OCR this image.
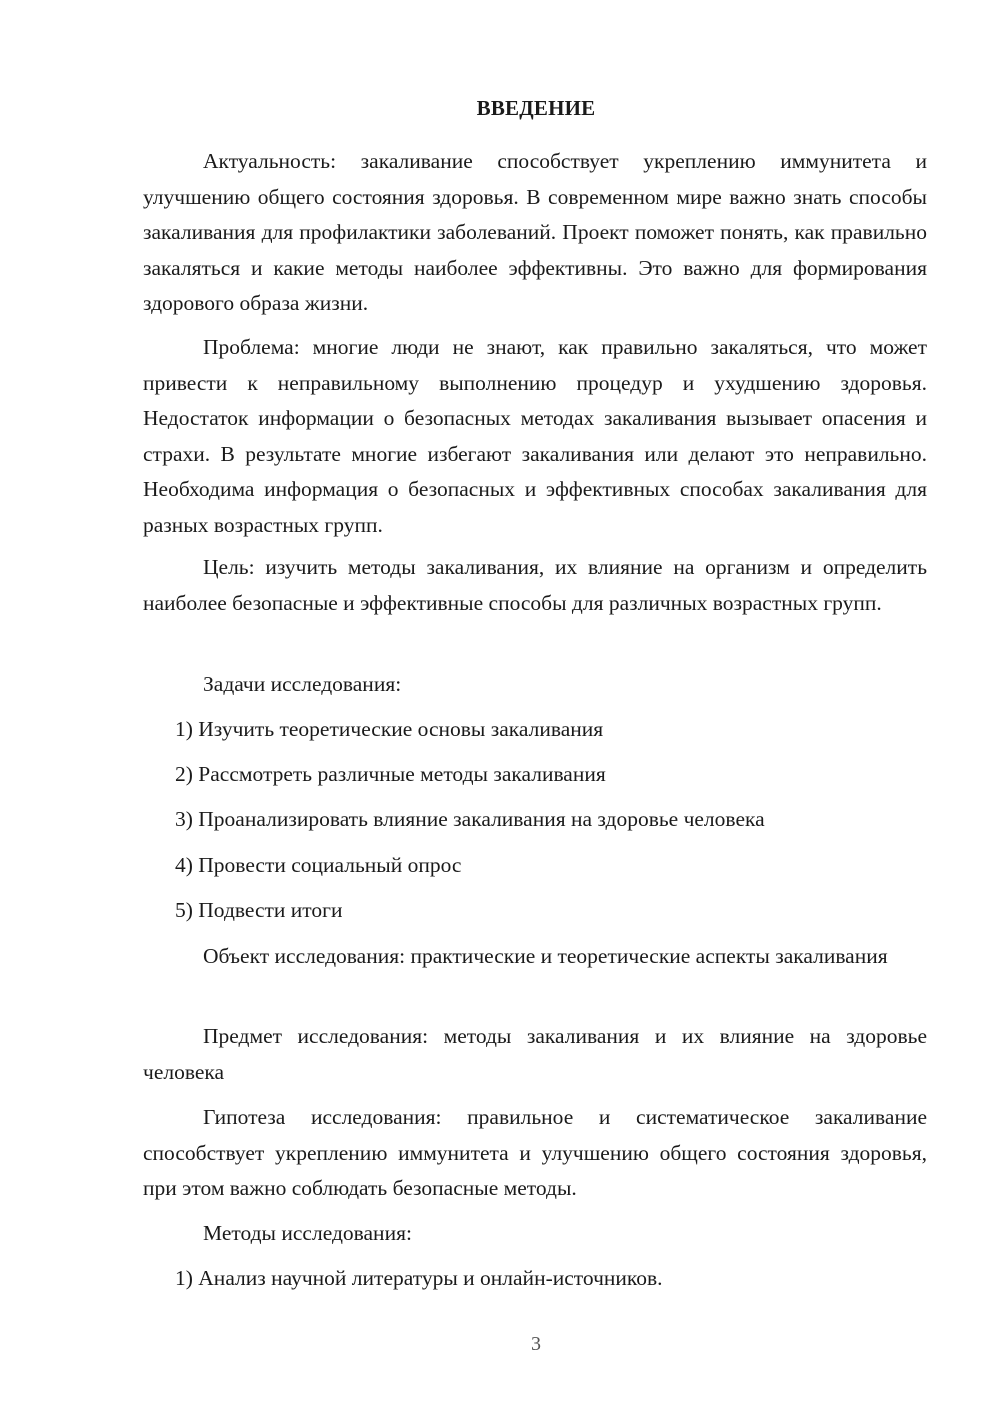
ВВЕДЕНИЕ

Актуальность: закаливание способствует укреплению иммунитета и улучшению общего состояния здоровья. В современном мире важно знать способы закаливания для профилактики заболеваний. Проект поможет понять, как правильно закаляться и какие методы наиболее эффективны. Это важно для формирования здорового образа жизни.

Проблема: многие люди не знают, как правильно закаляться, что может привести к неправильному выполнению процедур и ухудшению здоровья. Недостаток информации о безопасных методах закаливания вызывает опасения и страхи. В результате многие избегают закаливания или делают это неправильно. Необходима информация о безопасных и эффективных способах закаливания для разных возрастных групп.

Цель: изучить методы закаливания, их влияние на организм и определить наиболее безопасные и эффективные способы для различных возрастных групп.

Задачи исследования:

1) Изучить теоретические основы закаливания

2) Рассмотреть различные методы закаливания

3) Проанализировать влияние закаливания на здоровье человека

4) Провести социальный опрос

5) Подвести итоги

Объект исследования: практические и теоретические аспекты закаливания

Предмет исследования: методы закаливания и их влияние на здоровье человека

Гипотеза исследования: правильное и систематическое закаливание способствует укреплению иммунитета и улучшению общего состояния здоровья, при этом важно соблюдать безопасные методы.

Методы исследования:

1) Анализ научной литературы и онлайн-источников.

3
